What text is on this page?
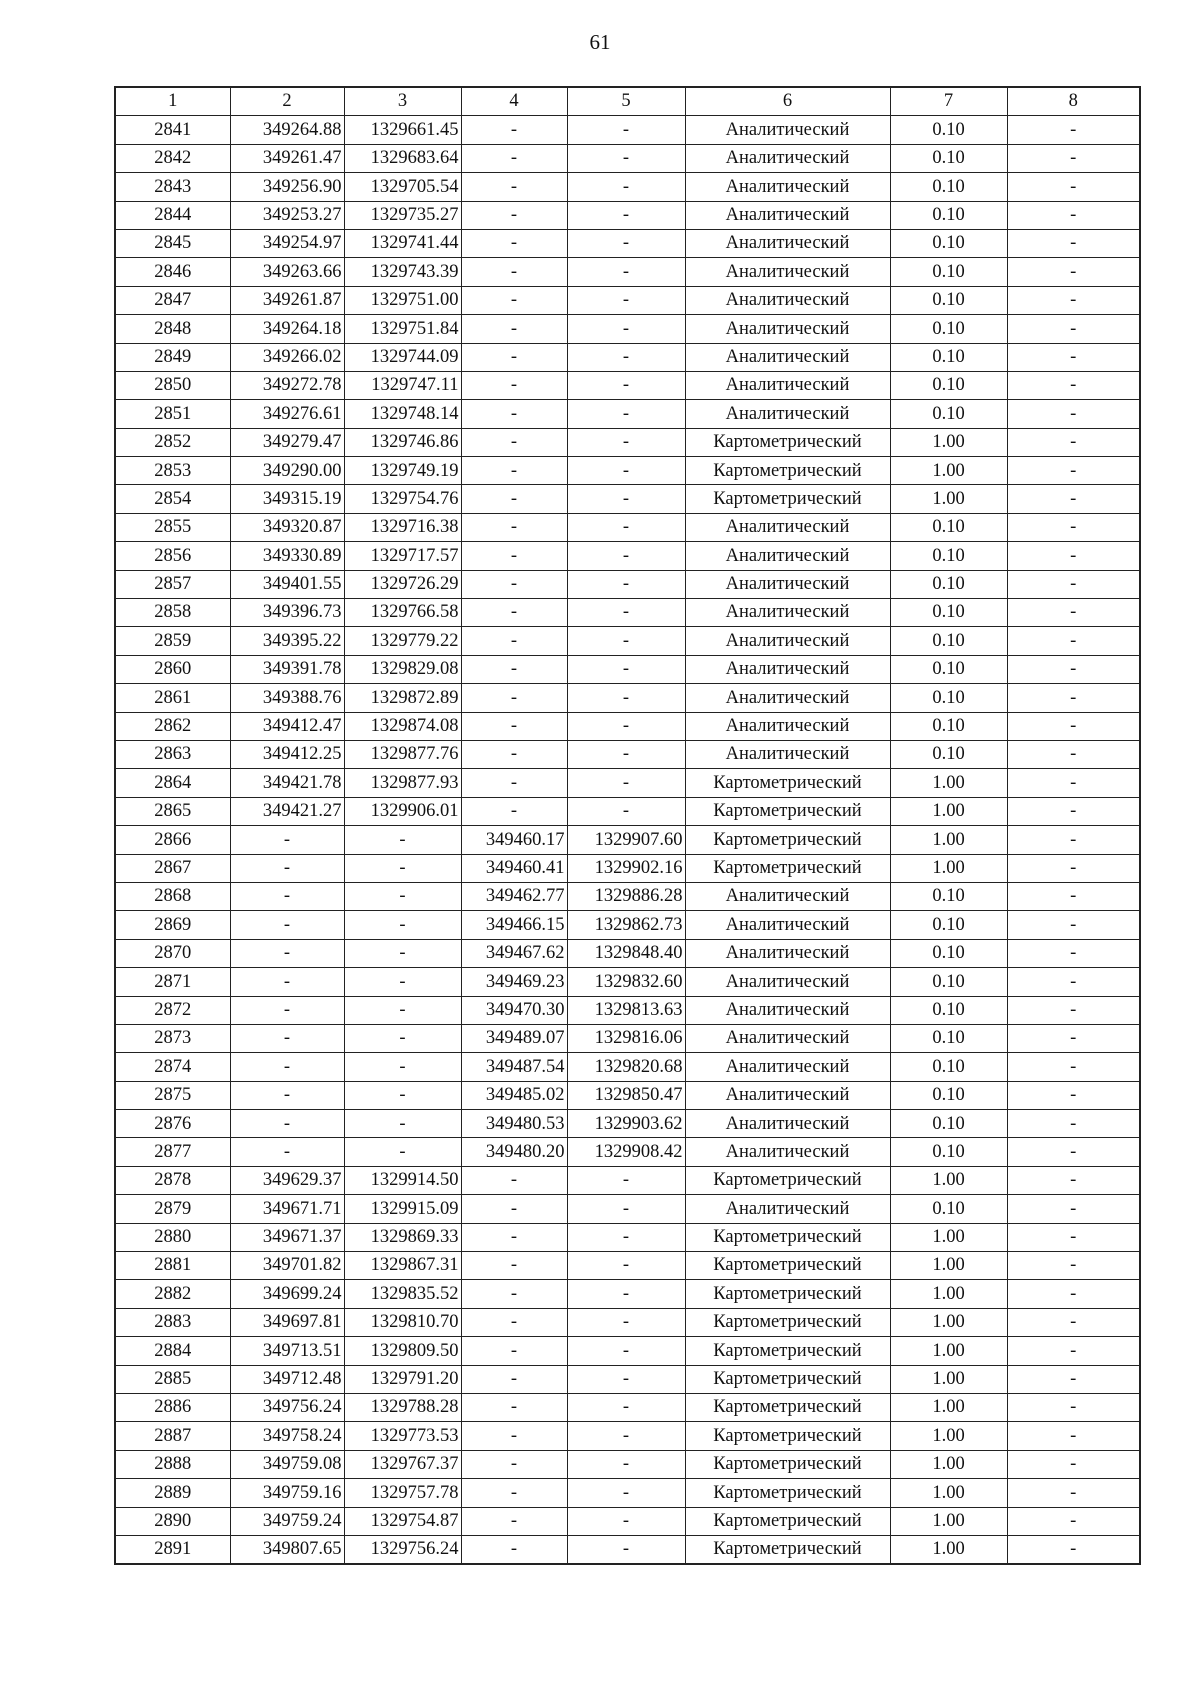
61
1	2	3	4	5	6	7	8
2841	349264.88	1329661.45	-	-	Аналитический	0.10	-
2842	349261.47	1329683.64	-	-	Аналитический	0.10	-
2843	349256.90	1329705.54	-	-	Аналитический	0.10	-
2844	349253.27	1329735.27	-	-	Аналитический	0.10	-
2845	349254.97	1329741.44	-	-	Аналитический	0.10	-
2846	349263.66	1329743.39	-	-	Аналитический	0.10	-
2847	349261.87	1329751.00	-	-	Аналитический	0.10	-
2848	349264.18	1329751.84	-	-	Аналитический	0.10	-
2849	349266.02	1329744.09	-	-	Аналитический	0.10	-
2850	349272.78	1329747.11	-	-	Аналитический	0.10	-
2851	349276.61	1329748.14	-	-	Аналитический	0.10	-
2852	349279.47	1329746.86	-	-	Картометрический	1.00	-
2853	349290.00	1329749.19	-	-	Картометрический	1.00	-
2854	349315.19	1329754.76	-	-	Картометрический	1.00	-
2855	349320.87	1329716.38	-	-	Аналитический	0.10	-
2856	349330.89	1329717.57	-	-	Аналитический	0.10	-
2857	349401.55	1329726.29	-	-	Аналитический	0.10	-
2858	349396.73	1329766.58	-	-	Аналитический	0.10	-
2859	349395.22	1329779.22	-	-	Аналитический	0.10	-
2860	349391.78	1329829.08	-	-	Аналитический	0.10	-
2861	349388.76	1329872.89	-	-	Аналитический	0.10	-
2862	349412.47	1329874.08	-	-	Аналитический	0.10	-
2863	349412.25	1329877.76	-	-	Аналитический	0.10	-
2864	349421.78	1329877.93	-	-	Картометрический	1.00	-
2865	349421.27	1329906.01	-	-	Картометрический	1.00	-
2866	-	-	349460.17	1329907.60	Картометрический	1.00	-
2867	-	-	349460.41	1329902.16	Картометрический	1.00	-
2868	-	-	349462.77	1329886.28	Аналитический	0.10	-
2869	-	-	349466.15	1329862.73	Аналитический	0.10	-
2870	-	-	349467.62	1329848.40	Аналитический	0.10	-
2871	-	-	349469.23	1329832.60	Аналитический	0.10	-
2872	-	-	349470.30	1329813.63	Аналитический	0.10	-
2873	-	-	349489.07	1329816.06	Аналитический	0.10	-
2874	-	-	349487.54	1329820.68	Аналитический	0.10	-
2875	-	-	349485.02	1329850.47	Аналитический	0.10	-
2876	-	-	349480.53	1329903.62	Аналитический	0.10	-
2877	-	-	349480.20	1329908.42	Аналитический	0.10	-
2878	349629.37	1329914.50	-	-	Картометрический	1.00	-
2879	349671.71	1329915.09	-	-	Аналитический	0.10	-
2880	349671.37	1329869.33	-	-	Картометрический	1.00	-
2881	349701.82	1329867.31	-	-	Картометрический	1.00	-
2882	349699.24	1329835.52	-	-	Картометрический	1.00	-
2883	349697.81	1329810.70	-	-	Картометрический	1.00	-
2884	349713.51	1329809.50	-	-	Картометрический	1.00	-
2885	349712.48	1329791.20	-	-	Картометрический	1.00	-
2886	349756.24	1329788.28	-	-	Картометрический	1.00	-
2887	349758.24	1329773.53	-	-	Картометрический	1.00	-
2888	349759.08	1329767.37	-	-	Картометрический	1.00	-
2889	349759.16	1329757.78	-	-	Картометрический	1.00	-
2890	349759.24	1329754.87	-	-	Картометрический	1.00	-
2891	349807.65	1329756.24	-	-	Картометрический	1.00	-
